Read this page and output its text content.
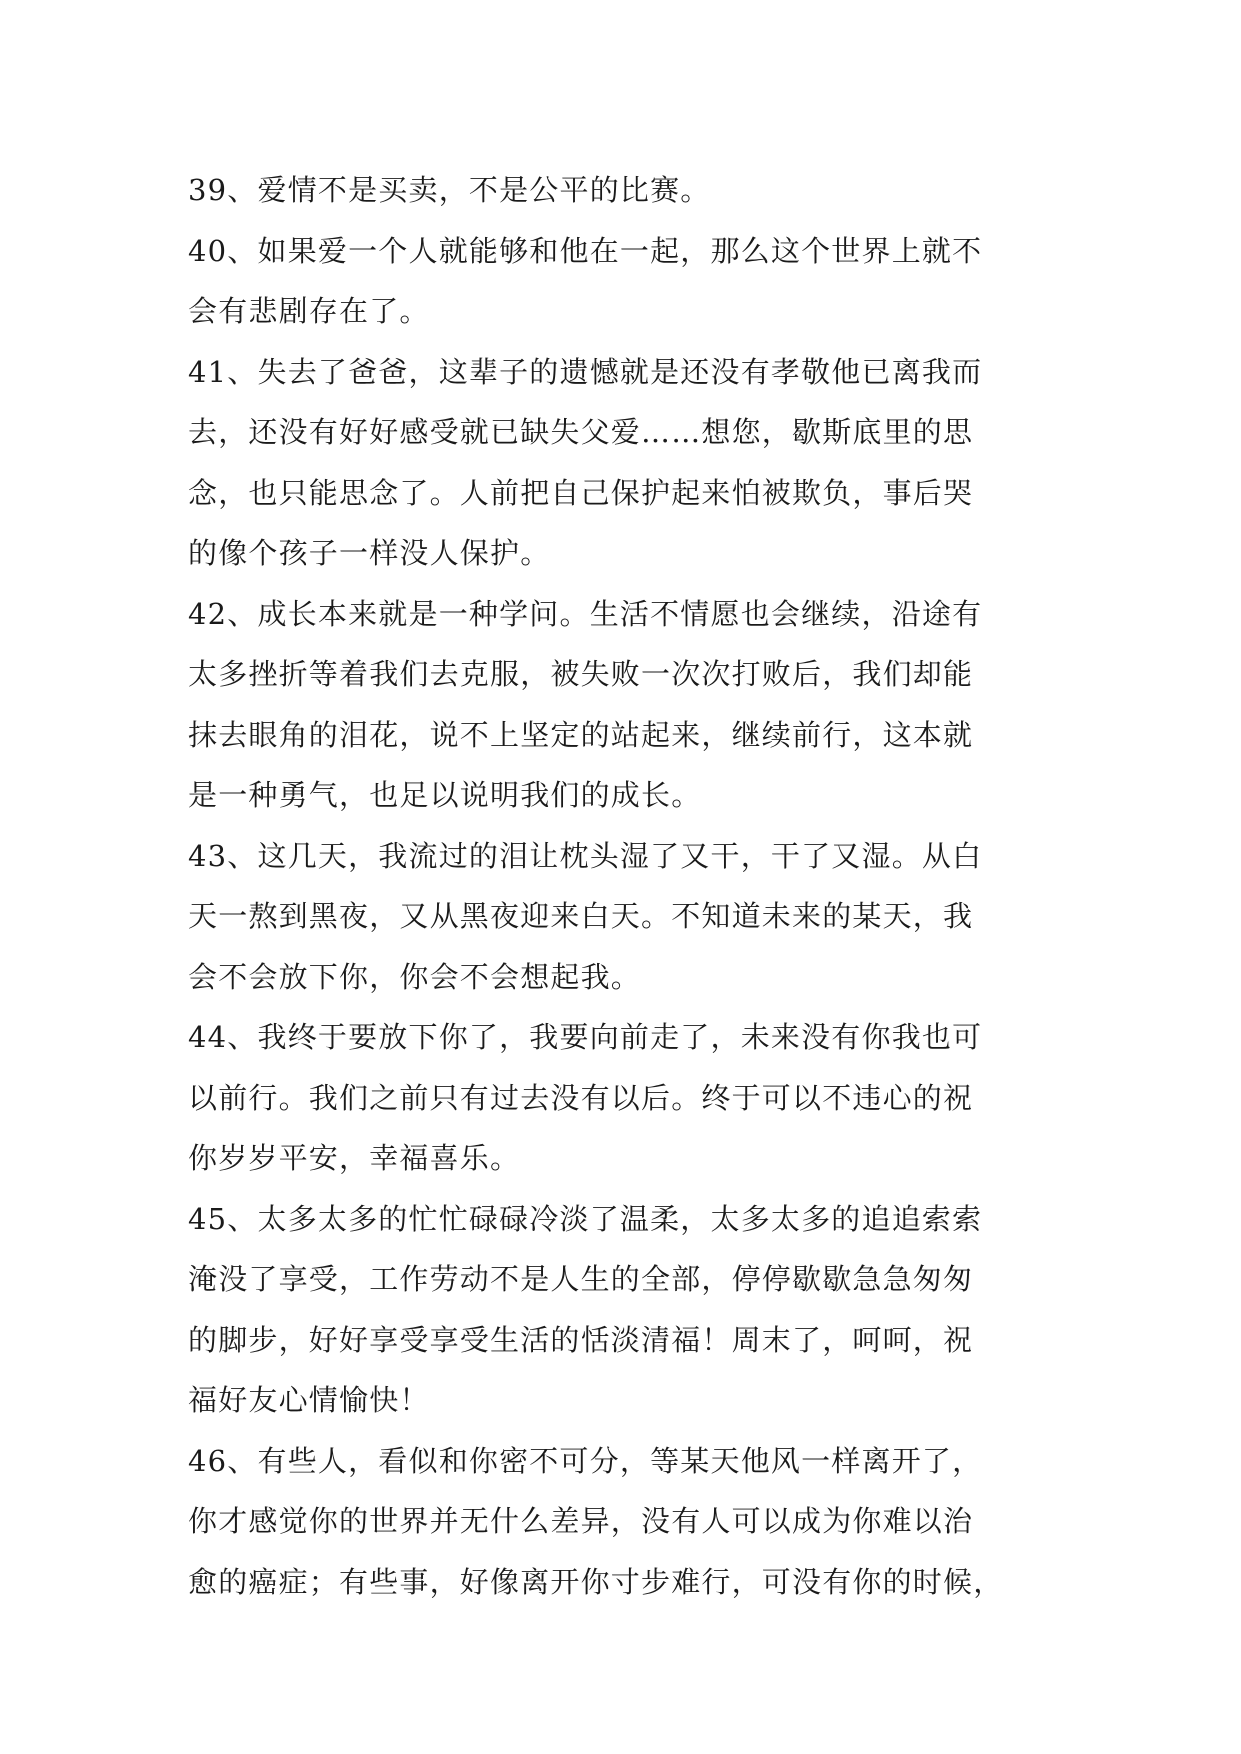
39、爱情不是买卖，不是公平的比赛。

40、如果爱一个人就能够和他在一起，那么这个世界上就不
会有悲剧存在了。

41、失去了爸爸，这辈子的遗憾就是还没有孝敬他已离我而
去，还没有好好感受就已缺失父爱……想您，歇斯底里的思
念，也只能思念了。人前把自己保护起来怕被欺负，事后哭
的像个孩子一样没人保护。

42、成长本来就是一种学问。生活不情愿也会继续，沿途有
太多挫折等着我们去克服，被失败一次次打败后，我们却能
抹去眼角的泪花，说不上坚定的站起来，继续前行，这本就
是一种勇气，也足以说明我们的成长。

43、这几天，我流过的泪让枕头湿了又干，干了又湿。从白
天一熬到黑夜，又从黑夜迎来白天。不知道未来的某天，我
会不会放下你，你会不会想起我。

44、我终于要放下你了，我要向前走了，未来没有你我也可
以前行。我们之前只有过去没有以后。终于可以不违心的祝
你岁岁平安，幸福喜乐。

45、太多太多的忙忙碌碌冷淡了温柔，太多太多的追追索索
淹没了享受，工作劳动不是人生的全部，停停歇歇急急匆匆
的脚步，好好享受享受生活的恬淡清福！周末了，呵呵，祝
福好友心情愉快！

46、有些人，看似和你密不可分，等某天他风一样离开了，
你才感觉你的世界并无什么差异，没有人可以成为你难以治
愈的癌症；有些事，好像离开你寸步难行，可没有你的时候，
